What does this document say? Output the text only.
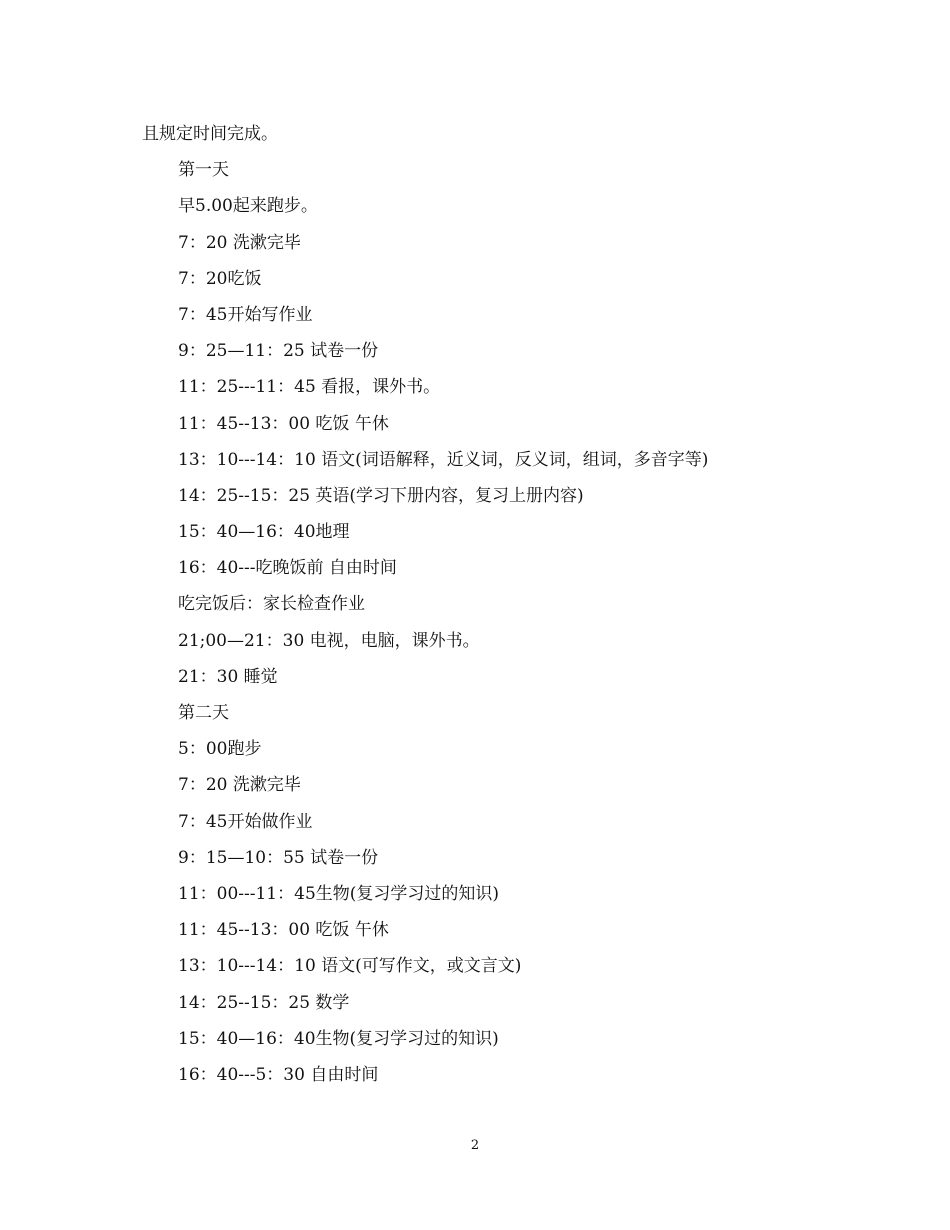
且规定时间完成。
第一天
早5.00起来跑步。
7：20 洗漱完毕
7：20吃饭
7：45开始写作业
9：25—11：25 试卷一份
11：25---11：45 看报，课外书。
11：45--13：00 吃饭 午休
13：10---14：10 语文(词语解释，近义词，反义词，组词，多音字等)
14：25--15：25 英语(学习下册内容，复习上册内容)
15：40—16：40地理
16：40---吃晚饭前 自由时间
吃完饭后：家长检查作业
21;00—21：30 电视，电脑，课外书。
21：30 睡觉
第二天
5：00跑步
7：20 洗漱完毕
7：45开始做作业
9：15—10：55 试卷一份
11：00---11：45生物(复习学习过的知识)
11：45--13：00 吃饭 午休
13：10---14：10 语文(可写作文，或文言文)
14：25--15：25 数学
15：40—16：40生物(复习学习过的知识)
16：40---5：30 自由时间
2
